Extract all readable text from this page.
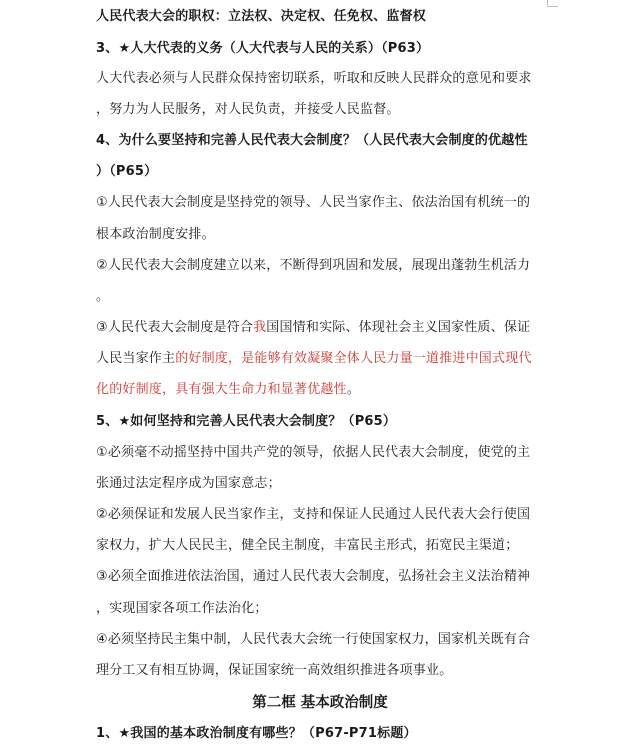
人民代表大会的职权：立法权、决定权、任免权、监督权
3、★人大代表的义务（人大代表与人民的关系）（P63）
人大代表必须与人民群众保持密切联系，听取和反映人民群众的意见和要求
，努力为人民服务，对人民负责，并接受人民监督。
4、为什么要坚持和完善人民代表大会制度？（人民代表大会制度的优越性
）（P65）
①人民代表大会制度是坚持党的领导、人民当家作主、依法治国有机统一的
根本政治制度安排。
②人民代表大会制度建立以来，不断得到巩固和发展，展现出蓬勃生机活力
。
③人民代表大会制度是符合我国国情和实际、体现社会主义国家性质、保证
人民当家作主的好制度，是能够有效凝聚全体人民力量一道推进中国式现代
化的好制度，具有强大生命力和显著优越性。
5、★如何坚持和完善人民代表大会制度？（P65）
①必须毫不动摇坚持中国共产党的领导，依据人民代表大会制度，使党的主
张通过法定程序成为国家意志；
②必须保证和发展人民当家作主，支持和保证人民通过人民代表大会行使国
家权力，扩大人民民主，健全民主制度，丰富民主形式，拓宽民主渠道；
③必须全面推进依法治国，通过人民代表大会制度，弘扬社会主义法治精神
，实现国家各项工作法治化；
④必须坚持民主集中制，人民代表大会统一行使国家权力，国家机关既有合
理分工又有相互协调，保证国家统一高效组织推进各项事业。
第二框 基本政治制度
1、★我国的基本政治制度有哪些？（P67-P71标题）
